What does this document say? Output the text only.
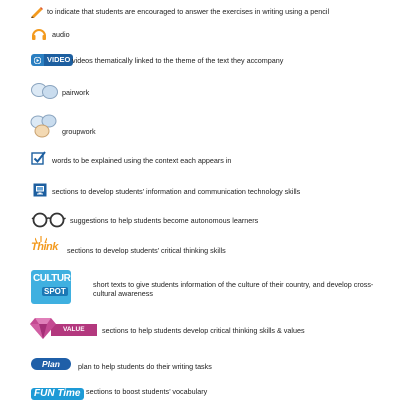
to indicate that students are encouraged to answer the exercises in writing using a pencil
audio
VIDEO videos thematically linked to the theme of the text they accompany
pairwork
groupwork
words to be explained using the context each appears in
sections to develop students’ information and communication technology skills
suggestions to help students become autonomous learners
Think sections to develop students’ critical thinking skills
CULTURE
SPOT
short texts to give students information of the culture of their country, and develop cross-cultural awareness
VALUE	sections to help students develop critical thinking skills & values
Plan	plan to help students do their writing tasks
FUN Time sections to boost students’ vocabulary
